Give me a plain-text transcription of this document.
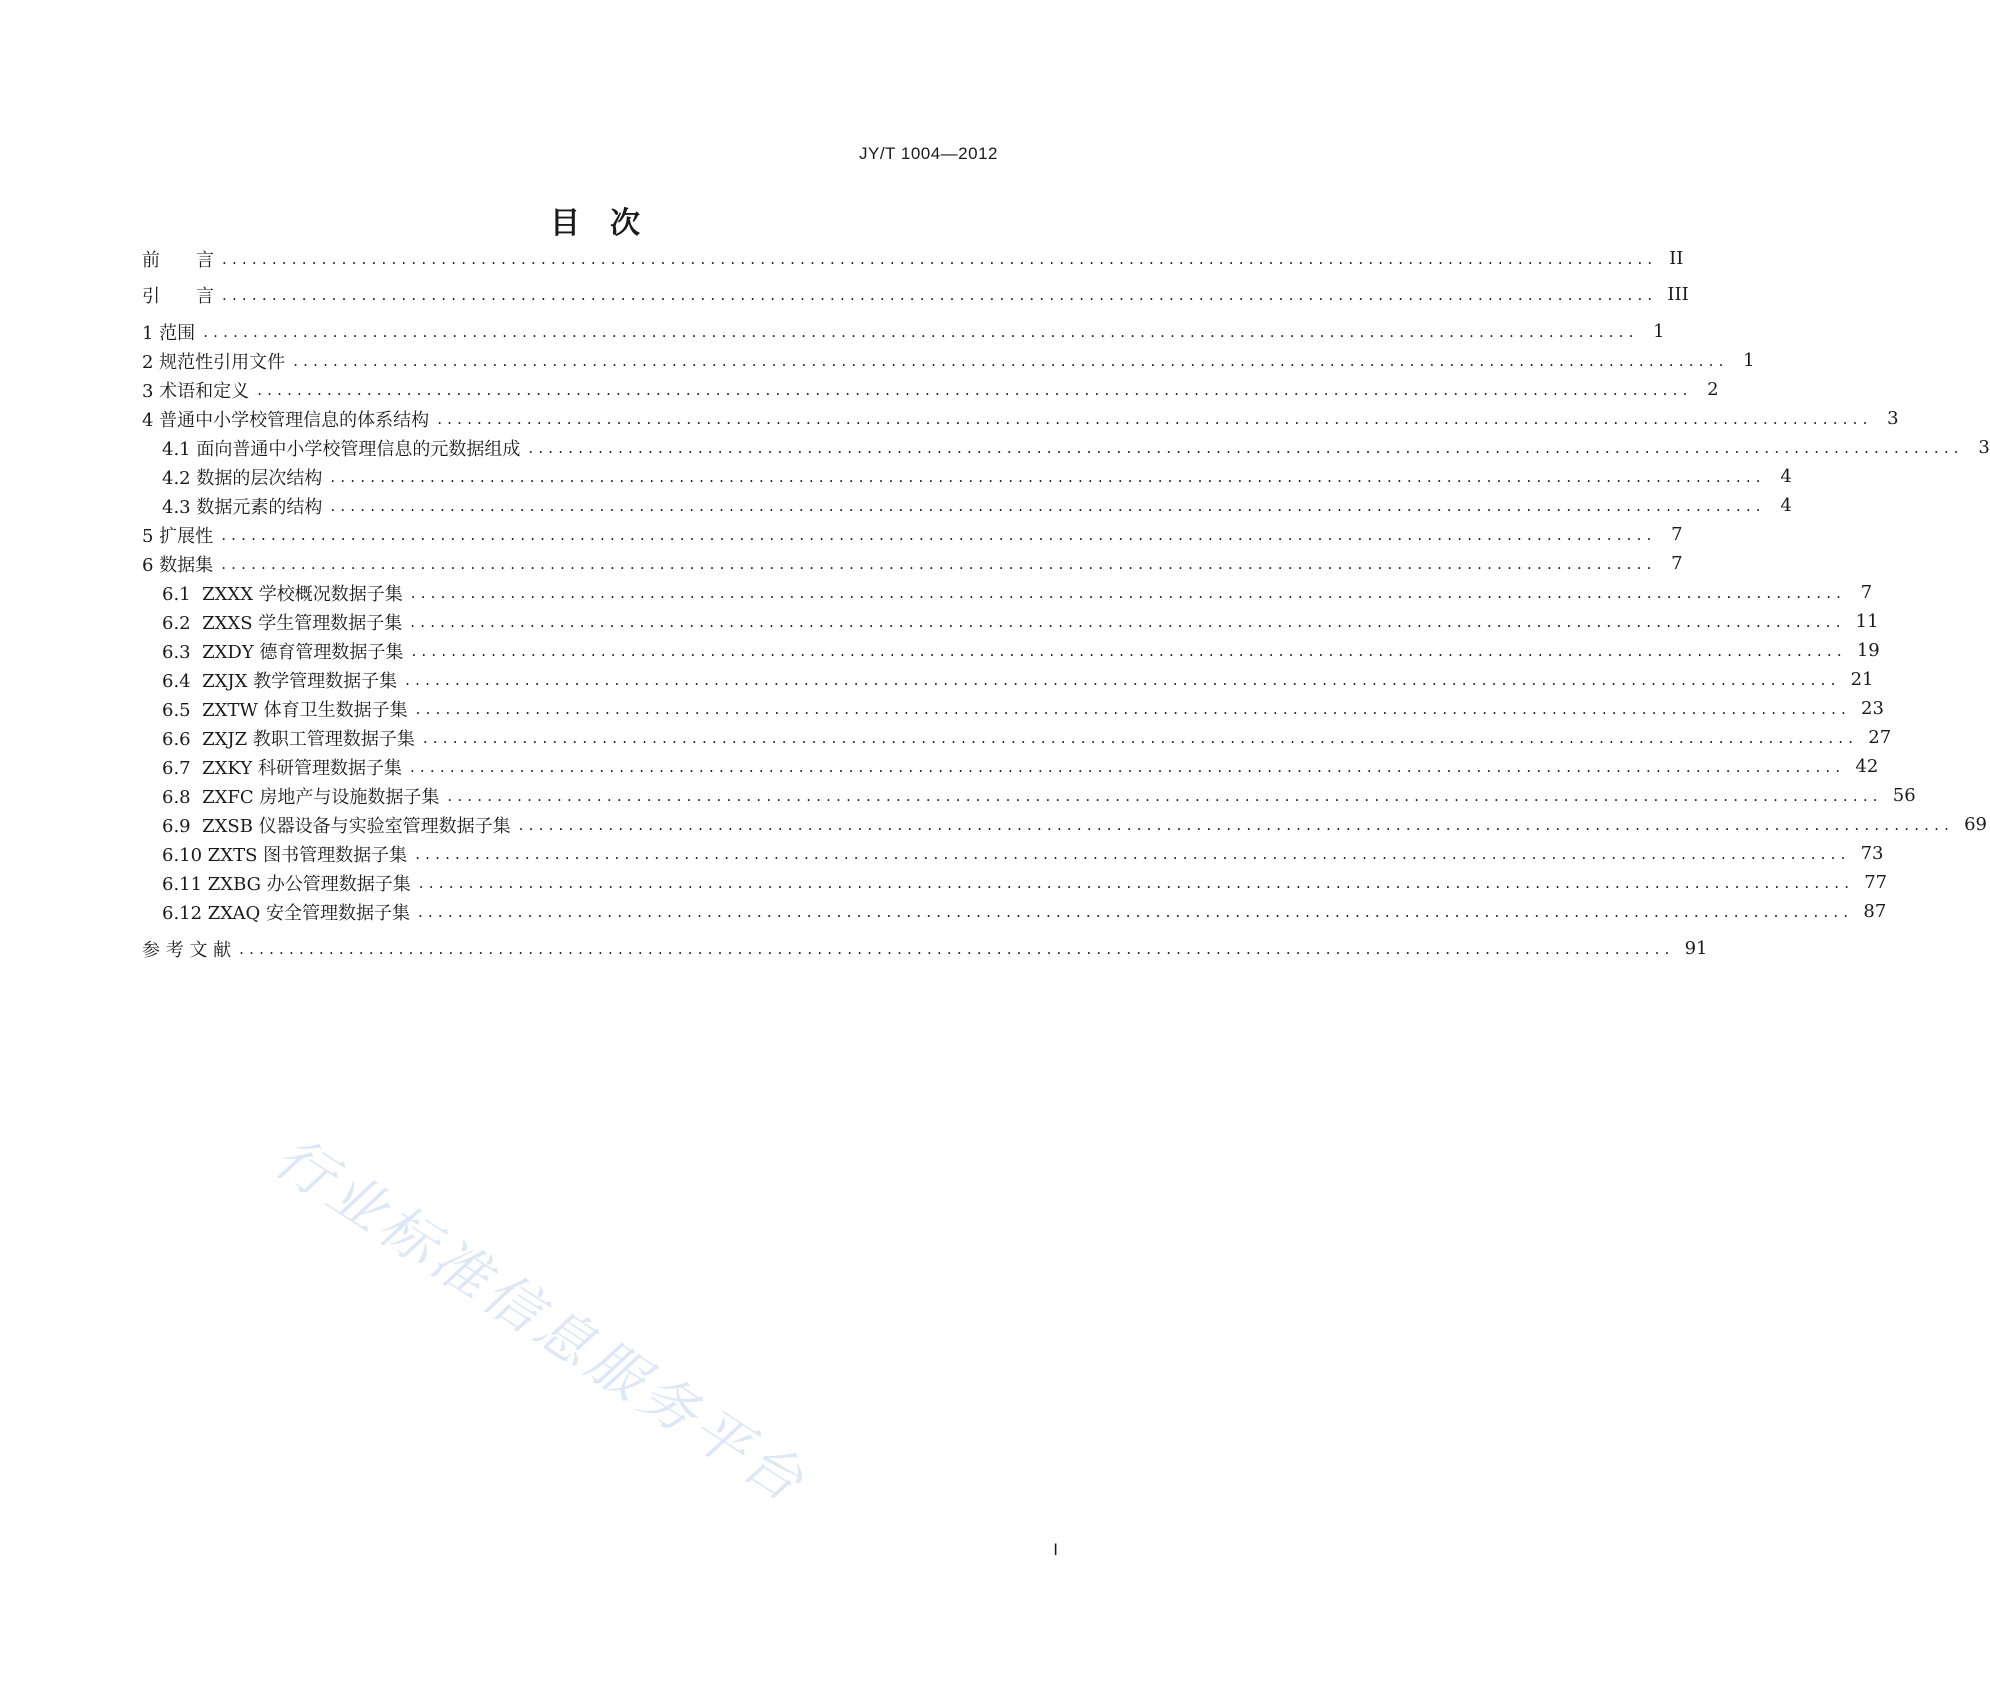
JY/T 1004—2012
目　次
前　　言 ................................................................................................................................................ II
引　　言 ................................................................................................................................................ III
1 范围 ................................................................................................................................................ 1
2 规范性引用文件 ................................................................................................................................................ 1
3 术语和定义 ................................................................................................................................................ 2
4 普通中小学校管理信息的体系结构 ................................................................................................................................................ 3
4.1 面向普通中小学校管理信息的元数据组成 ................................................................................................................................................ 3
4.2 数据的层次结构 ................................................................................................................................................ 4
4.3 数据元素的结构 ................................................................................................................................................ 4
5 扩展性 ................................................................................................................................................ 7
6 数据集 ................................................................................................................................................ 7
6.1  ZXXX 学校概况数据子集 ................................................................................................................................................ 7
6.2  ZXXS 学生管理数据子集 ................................................................................................................................................ 11
6.3  ZXDY 德育管理数据子集 ................................................................................................................................................ 19
6.4  ZXJX 教学管理数据子集 ................................................................................................................................................ 21
6.5  ZXTW 体育卫生数据子集 ................................................................................................................................................ 23
6.6  ZXJZ 教职工管理数据子集 ................................................................................................................................................ 27
6.7  ZXKY 科研管理数据子集 ................................................................................................................................................ 42
6.8  ZXFC 房地产与设施数据子集 ................................................................................................................................................ 56
6.9  ZXSB 仪器设备与实验室管理数据子集 ................................................................................................................................................ 69
6.10 ZXTS 图书管理数据子集 ................................................................................................................................................ 73
6.11 ZXBG 办公管理数据子集 ................................................................................................................................................ 77
6.12 ZXAQ 安全管理数据子集 ................................................................................................................................................ 87
参 考 文 献 ................................................................................................................................................ 91
行业标准信息服务平台
I
